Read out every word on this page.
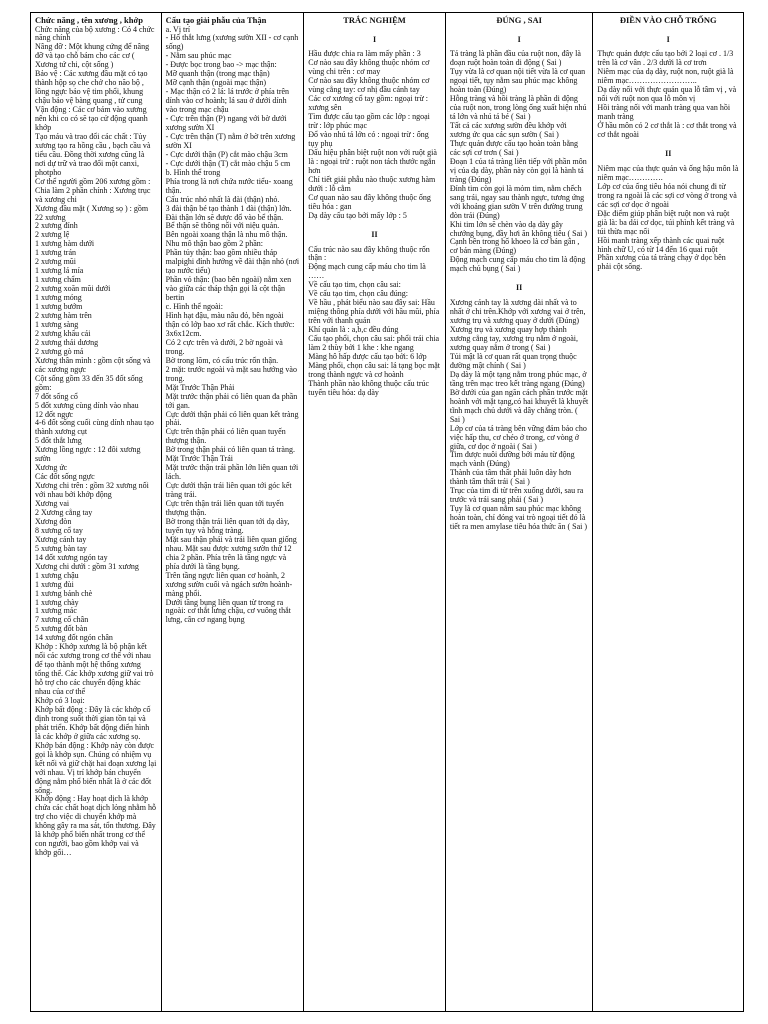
Chức năng , tên xương , khớp

Chức năng của bộ xương : Có 4 chức năng chính

Nâng đỡ : Một khung cứng để nâng đỡ và tạo chỗ bám cho các cơ ( Xương tứ chi, cột sống )

Bảo vệ : Các xương đầu mặt có tạo thành hộp sọ che chở cho não bộ , lồng ngực bảo vệ tim phổi, khung chậu bảo vệ bàng quang , tử cung

Vận động : Các cơ bám vào xương nên khi co có sẽ tạo cử động quanh khớp

Tạo máu và trao đổi các chất : Tủy xương tạo ra hồng cầu , bạch cầu và tiểu cầu. Đồng thời xương cũng là nơi dự trữ và trao đổi một canxi, photpho

Cơ thể người gồm 206 xương gồm : Chia làm 2 phần chính : Xương trục và xương chi

Xương đầu mặt ( Xương sọ ) : gồm 22 xương

2 xương đỉnh

2 xương lệ

1 xương hàm dưới

1 xương trán

2 xương mũi

1 xương lá mía

1 xương chẩm

2 xương xoăn mũi dưới

1 xương móng

1 xương bướm

2 xương hàm trên

1 xương sàng

2 xương khẩu cái

2 xương thái dương

2 xương gò má

Xương thân mình : gồm cột sống và các xương ngực

Cột sống gồm 33 đến 35 đốt sống gồm:

7 đốt sống cổ

5 đốt xương cùng dính vào nhau

12 đốt ngực

4-6 đốt sống cuối cùng dính nhau tạo thành xương cụt

5 đốt thắt lưng

Xương lồng ngực : 12 đôi xương sườn

Xương ức

Các đốt sống ngực

Xương chi trên : gồm 32 xương nối với nhau bởi khớp động

Xương vai

2 Xương cẳng tay

Xương đòn

8 xương cổ tay

Xương cánh tay

5 xương bàn tay

14 đốt xương ngón tay

Xương chi dưới : gồm 31 xương

1 xương chậu

1 xương đùi

1 xương bánh chè

1 xương chày

1 xương mác

7 xương cổ chân

5 xương đốt bàn

14 xương đốt ngón chân

Khớp : Khớp xương là bộ phận kết nối các xương trong cơ thể với nhau để tạo thành một hệ thống xương tổng thể. Các khớp xương giữ vai trò hỗ trợ cho các chuyển động khác nhau của cơ thể

Khớp có 3 loại:

Khớp bất động : Đây là các khớp cố định trong suốt thời gian tồn tại và phát triển. Khớp bất động điển hình là các khớp ở giữa các xương sọ.

Khớp bán động : Khớp này còn được gọi là khớp sụn. Chúng có nhiệm vụ kết nối và giữ chặt hai đoạn xương lại với nhau. Vị trí khớp bán chuyển động nằm phổ biến nhất là ở các đốt sống.

Khớp động : Hay hoạt dịch là khớp chứa các chất hoạt dịch lỏng nhằm hỗ trợ cho việc di chuyển khớp mà không gây ra ma sát, tổn thương. Đây là khớp phổ biến nhất trong cơ thể con người, bao gồm khớp vai và khớp gối…

Cấu tạo giải phẫu của Thận

a. Vị trí

- Hố thắt lưng (xương sườn XII - cơ cạnh sống)

- Nằm sau phúc mạc

- Được bọc trong bao -> mạc thận:

Mỡ quanh thận (trong mạc thận)

Mỡ cạnh thận (ngoài mạc thận)

- Mạc thận có 2 lá: lá trước ở phía trên dính vào cơ hoành; lá sau ở dưới dính vào trong mạc chậu

- Cực trên thận (P) ngang với bờ dưới xương sườn XI

- Cực trên thận (T) nằm ở bờ trên xương sườn XI

- Cực dưới thận (P) cắt mào chậu 3cm

- Cực dưới thận (T) cắt mào chậu 5 cm

b. Hình thể trong

Phía trong là nơi chứa nước tiểu- xoang thận.

Cấu trúc nhỏ nhất là đài (thận) nhỏ.

3 đài thận bé tạo thành 1 đài (thận) lớn.

Đài thận lớn sẽ được đổ vào bể thận.

Bể thận sẽ thông nối với niệu quản.

Bên ngoài xoang thận là nhu mô thận.

Nhu mô thận bao gồm 2 phần:

Phần tủy thận: bao gồm nhiều tháp malpighi đỉnh hướng về đài thận nhỏ (nơi tạo nước tiểu)

Phần vỏ thận: (bao bên ngoài) nằm xen vào giữa các tháp thận gọi là cột thận bertin

c. Hình thể ngoài:

Hình hạt đậu, màu nâu đỏ, bên ngoài thận có lớp bao xơ rất chắc. Kích thước: 3x6x12cm.

Có 2 cực trên và dưới, 2 bờ ngoài và trong.

Bờ trong lõm, có cấu trúc rốn thận.

2 mặt: trước ngoài và mặt sau hướng vào trong.

Mặt Trước Thận Phải

Mặt trước thận phải có liên quan đa phần tới gan.

Cực dưới thận phải có liên quan kết tràng phải.

Cực trên thận phải có liên quan tuyến thượng thận.

Bờ trong thận phải có liên quan tá tràng.

Mặt Trước Thận Trái

Mặt trước thận trái phần lớn liên quan tới lách.

Cực dưới thận trái liên quan tới góc kết tràng trái.

Cực trên thận trái liên quan tới tuyến thượng thận.

Bờ trong thận trái liên quan tới dạ dày, tuyến tụy và hỗng tràng.

Mặt sau thận phải và trái liên quan giống nhau. Mặt sau được xương sườn thứ 12 chia 2 phần. Phía trên là tầng ngực và phía dưới là tầng bụng.

Trên tầng ngực liên quan cơ hoành, 2 xương sườn cuối và ngách sườn hoành-màng phổi.

Dưới tầng bụng liên quan từ trong ra ngoài: cơ thắt lưng chậu, cơ vuông thắt lưng, cân cơ ngang bụng

TRẮC NGHIỆM
I

Hầu được chia ra làm mấy phần : 3

Cơ nào sau đây không thuộc nhóm cơ vùng chi trên : cơ may

Cơ nào sau đây không thuộc nhóm cơ vùng cẳng tay: cơ nhị đầu cánh tay

Các cơ xương cổ tay gồm: ngoại trừ : xương sên

Tìm được cấu tạo gồm các lớp : ngoại trừ : lớp phúc mạc

Đổ vào nhú tá lớn có : ngoại trừ : ống tụy phụ

Dấu hiệu phân biệt ruột non với ruột già là : ngoại trừ : ruột non tách thước ngắn hơn

Chỉ tiết giải phẫu nào thuộc xương hàm dưới : lỗ cằm

Cơ quan nào sau đây không thuộc ống tiêu hóa : gan

Dạ dày cấu tạo bởi mấy lớp : 5

II

Cấu trúc nào sau đây không thuộc rốn thận :

Động mạch cung cấp máu cho tim là ……

Về cấu tạo tim, chọn câu sai:

Về cấu tạo tim, chọn câu đúng:

Về hầu , phát biểu nào sau đây sai: Hầu miệng thông phía dưới với hầu mũi, phía trên với thanh quản

Khí quản là : a,b,c đều đúng

Cấu tạo phổi, chọn câu sai: phổi trái chia làm 2 thùy bởi 1 khe : khe ngang

Màng hô hấp được cấu tạo bởi: 6 lớp

Màng phổi, chọn câu sai: lá tạng bọc mặt trong thành ngực và cơ hoành

Thành phần nào không thuộc cấu trúc tuyến tiêu hóa: dạ dày

ĐÚNG , SAI
I

Tá tràng là phần đầu của ruột non, đây là đoạn ruột hoàn toàn di động ( Sai )

Tụy vừa là cơ quan nội tiết vừa là cơ quan ngoại tiết, tụy nằm sau phúc mạc không hoàn toàn (Đúng)

Hỗng tràng và hồi tràng là phần di động của ruột non, trong lòng ống xuất hiện nhú tá lớn và nhú tá bé ( Sai )

Tất cả các xương sườn đều khớp với xương ức qua các sụn sườn ( Sai )

Thực quản được cấu tạo hoàn toàn bằng các sợi cơ trơn ( Sai )

Đoạn 1 của tá tràng liên tiếp với phần môn vị của dạ dày, phần này còn gọi là hành tá tràng (Đúng)

Đỉnh tim còn gọi là mỏm tim, nằm chếch sang trái, ngay sau thành ngực, tương ứng với khoảng gian sườn V trên đường trung đòn trái (Đúng)

Khi tim lớn sẽ chèn vào dạ dày gây chướng bụng, đầy hơi ăn không tiêu ( Sai )

Cạnh bên trong hố khoeo là cơ bán gân , cơ bán màng (Đúng)

Động mạch cung cấp máu cho tim là động mạch chủ bụng ( Sai )

II

Xương cánh tay là xương dài nhất và to nhất ở chi trên.Khớp với xương vai ở trên, xương trụ và xương quay ở dưới (Đúng)

Xương trụ và xương quay hợp thành xương cẳng tay, xương trụ nằm ở ngoài, xương quay nằm ở trong ( Sai )

Tủi mật là cơ quan rất quan trọng thuộc đường mật chính ( Sai )

Dạ dày là một tạng nằm trong phúc mạc, ở tầng trên mạc treo kết tràng ngang (Đúng)

Bờ dưới của gan ngăn cách phần trước mặt hoành với mặt tạng,có hai khuyết là khuyết tĩnh mạch chủ dưới và dây chằng tròn. ( Sai )

Lớp cơ của tá tràng bên vững đảm bảo cho việc hấp thu, cơ chéo ở trong, cơ vòng ở giữa, cơ dọc ở ngoài ( Sai )

Tim được nuôi dưỡng bởi máu từ động mạch vành (Đúng)

Thành của tâm thất phải luôn dày hơn thành tâm thất trái ( Sai )

Trục của tim đi từ trên xuống dưới, sau ra trước và trái sang phải ( Sai )

Tụy là cơ quan nằm sau phúc mạc không hoàn toàn, chỉ đóng vai trò ngoại tiết đó là tiết ra men amylase tiêu hóa thức ăn ( Sai )

ĐIỀN VÀO CHỖ TRỐNG
I

Thực quản được cấu tạo bởi 2 loại cơ . 1/3 trên là cơ vân . 2/3 dưới là cơ trơn

Niêm mạc của dạ dày, ruột non, ruột già là niêm mạc……………………..

Dạ dày nối với thực quản qua lỗ tâm vị , và nối với ruột non qua lỗ môn vị

Hồi tràng nối với manh tràng qua van hồi manh tràng

Ở hầu môn có 2 cơ thắt là : cơ thắt trong và cơ thắt ngoài

II

Niêm mạc của thực quản và ống hậu môn là niêm mạc………….

Lớp cơ của ống tiêu hóa nói chung đi từ trong ra ngoài là các sợi cơ vòng ở trong và các sợi cơ dọc ở ngoài

Đặc điểm giúp phân biệt ruột non và ruột già là: ba dải cơ dọc, túi phình kết tràng và túi thừa mạc nối

Hồi manh tràng xếp thành các quai ruột hình chữ U, có từ 14 đến 16 quai ruột

Phần xương của tá tràng chạy ở dọc bên phải cột sống.
